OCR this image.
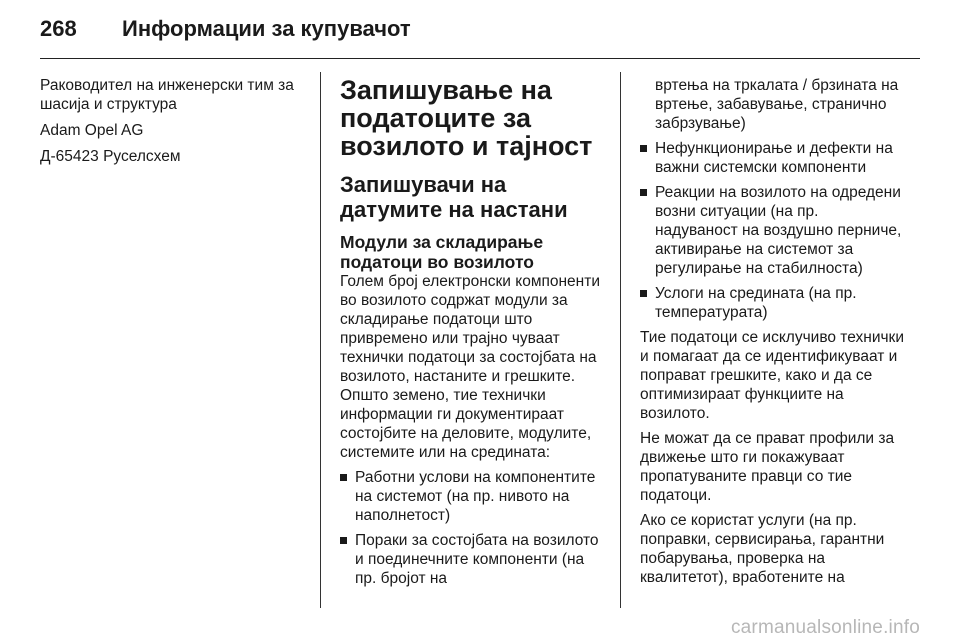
268 Информации за купувачот

Раководител на инженерски тим за шасија и структура

Adam Opel AG

Д-65423 Руселсхем

Запишување на податоците за возилото и тајност
Запишувачи на датумите на настани
Модули за складирање податоци во возилото

Голем број електронски компоненти во возилото содржат модули за складирање податоци што привремено или трајно чуваат технички податоци за состојбата на возилото, настаните и грешките. Општо земено, тие технички информации ги документираат состојбите на деловите, модулите, системите или на средината:

Работни услови на компонентите на системот (на пр. нивото на наполнетост)
Пораки за состојбата на возилото и поединечните компоненти (на пр. бројот на

вртења на тркалата / брзината на вртење, забавување, странично забрзување)

Нефункционирање и дефекти на важни системски компоненти
Реакции на возилото на одредени возни ситуации (на пр. надуваност на воздушно перниче, активирање на системот за регулирање на стабилноста)
Услоги на средината (на пр. температурата)

Тие податоци се исклучиво технички и помагаат да се идентификуваат и поправат грешките, како и да се оптимизираат функциите на возилото.

Не можат да се прават профили за движење што ги покажуваат пропатуваните правци со тие податоци.

Ако се користат услуги (на пр. поправки, сервисирања, гарантни побарувања, проверка на квалитетот), вработените на

carmanualsonline.info
